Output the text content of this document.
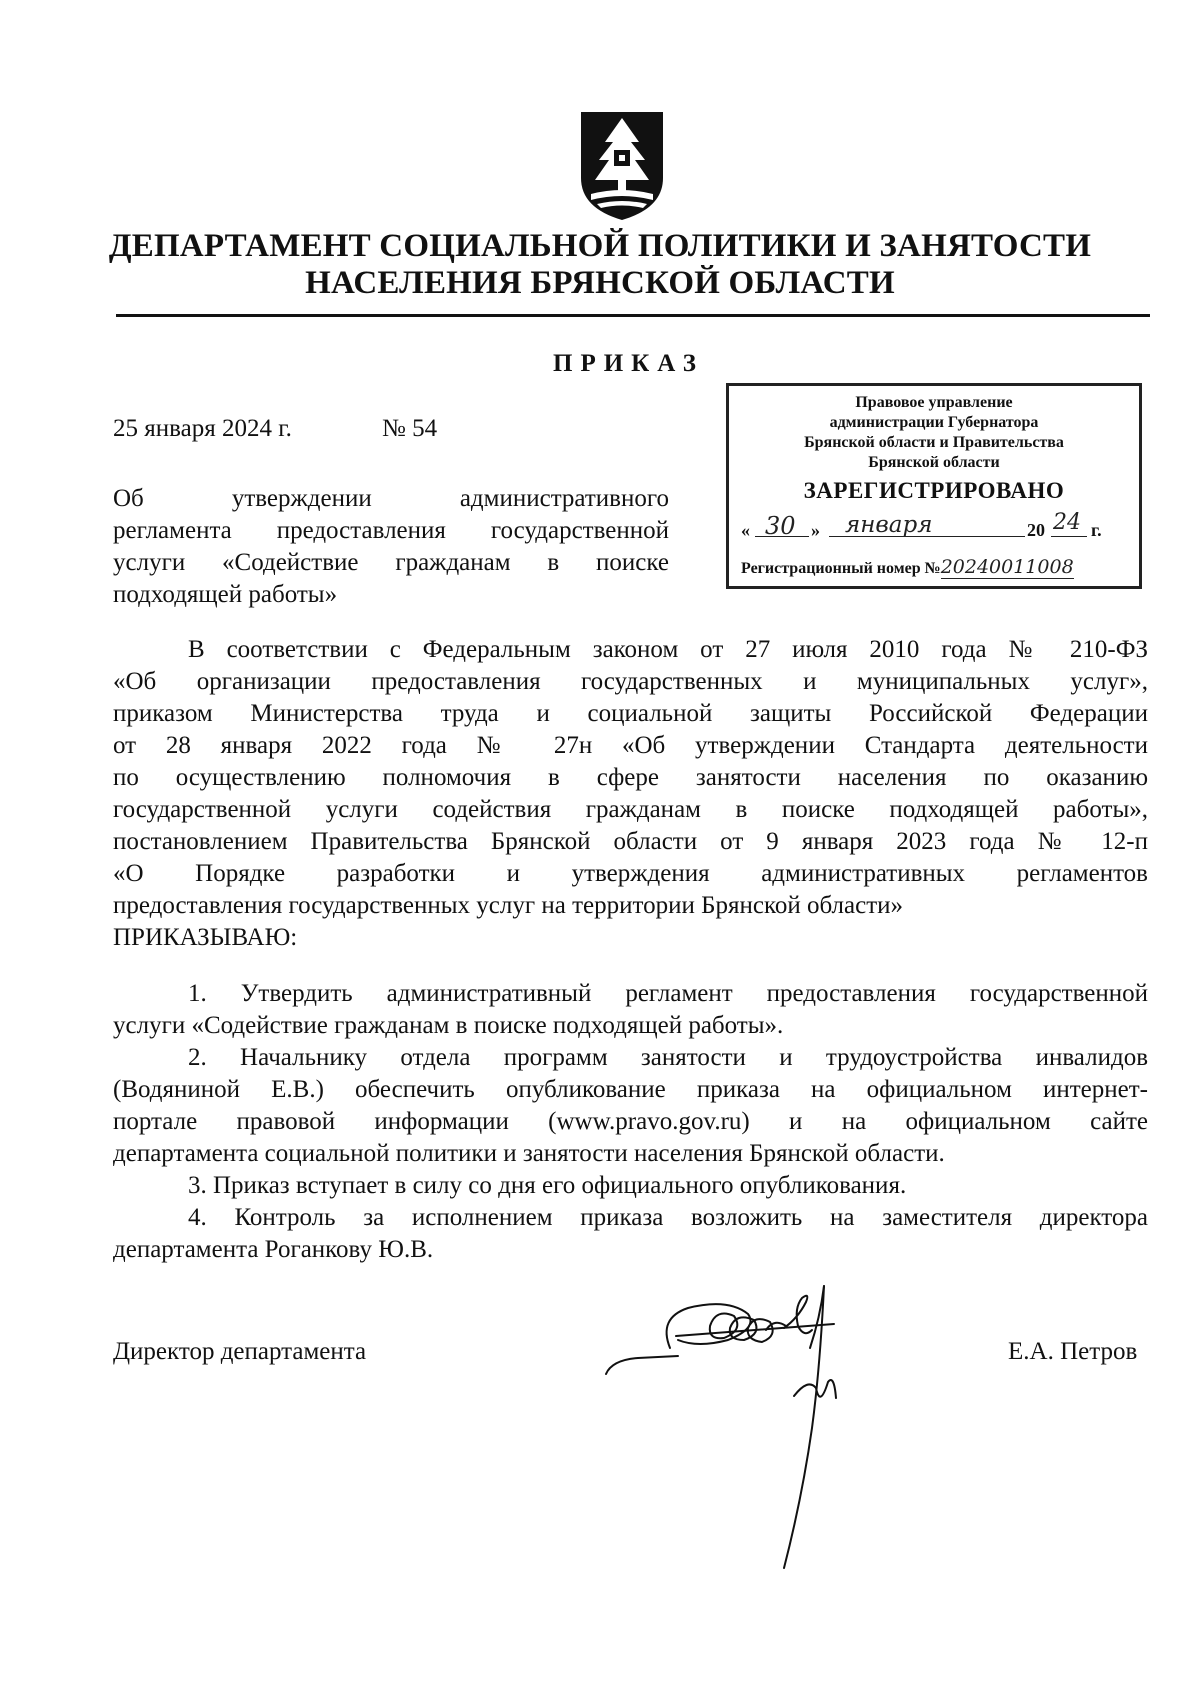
ДЕПАРТАМЕНТ СОЦИАЛЬНОЙ ПОЛИТИКИ И ЗАНЯТОСТИ
НАСЕЛЕНИЯ БРЯНСКОЙ ОБЛАСТИ
ПРИКАЗ
25 января 2024 г.	№ 54
Об утверждении административного
регламента предоставления государственной
услуги «Содействие гражданам в поиске
подходящей работы»
Правовое управление
администрации Губернатора
Брянской области и Правительства
Брянской области
ЗАРЕГИСТРИРОВАНО
« 30 » января	20 24 г.
Регистрационный номер №20240011008
В соответствии с Федеральным законом от 27 июля 2010 года № 210-ФЗ
«Об организации предоставления государственных и муниципальных услуг»,
приказом Министерства труда и социальной защиты Российской Федерации
от 28 января 2022 года № 27н «Об утверждении Стандарта деятельности
по осуществлению полномочия в сфере занятости населения по оказанию
государственной услуги содействия гражданам в поиске подходящей работы»,
постановлением Правительства Брянской области от 9 января 2023 года № 12-п
«О Порядке разработки и утверждения административных регламентов
предоставления государственных услуг на территории Брянской области»
ПРИКАЗЫВАЮ:
1. Утвердить административный регламент предоставления государственной
услуги «Содействие гражданам в поиске подходящей работы».
2. Начальнику отдела программ занятости и трудоустройства инвалидов
(Водяниной Е.В.) обеспечить опубликование приказа на официальном интернет-
портале правовой информации (www.pravo.gov.ru) и на официальном сайте
департамента социальной политики и занятости населения Брянской области.
3. Приказ вступает в силу со дня его официального опубликования.
4. Контроль за исполнением приказа возложить на заместителя директора
департамента Роганкову Ю.В.
Директор департамента	Е.А. Петров
